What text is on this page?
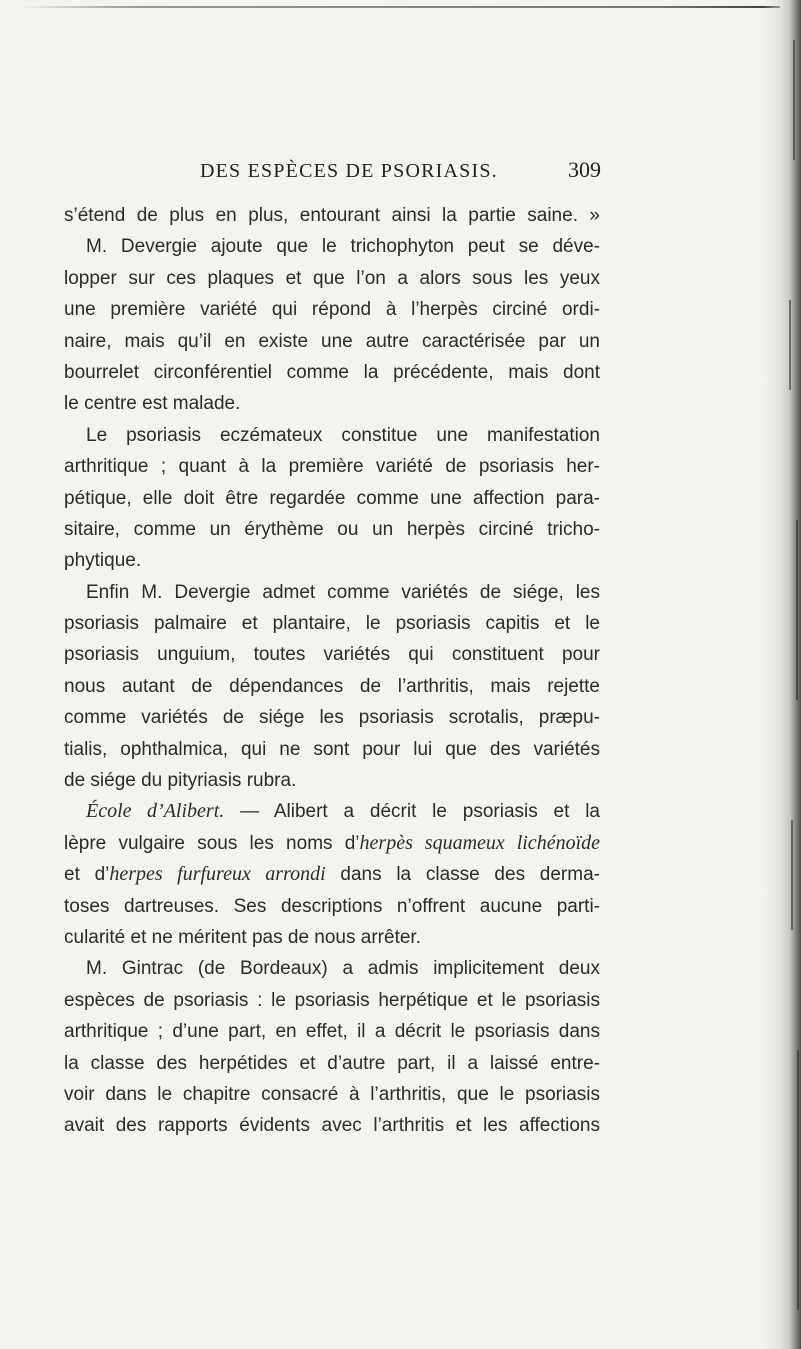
DES ESPÈCES DE PSORIASIS.	309
s’étend de plus en plus, entourant ainsi la partie saine. »
M. Devergie ajoute que le trichophyton peut se déve-
lopper sur ces plaques et que l’on a alors sous les yeux
une première variété qui répond à l’herpès circiné ordi-
naire, mais qu’il en existe une autre caractérisée par un
bourrelet circonférentiel comme la précédente, mais dont
le centre est malade.
Le psoriasis eczémateux constitue une manifestation
arthritique ; quant à la première variété de psoriasis her-
pétique, elle doit être regardée comme une affection para-
sitaire, comme un érythème ou un herpès circiné tricho-
phytique.
Enfin M. Devergie admet comme variétés de siége, les
psoriasis palmaire et plantaire, le psoriasis capitis et le
psoriasis unguium, toutes variétés qui constituent pour
nous autant de dépendances de l’arthritis, mais rejette
comme variétés de siége les psoriasis scrotalis, præpu-
tialis, ophthalmica, qui ne sont pour lui que des variétés
de siége du pityriasis rubra.
École d’Alibert. — Alibert a décrit le psoriasis et la
lèpre vulgaire sous les noms d’herpès squameux lichénoïde
et d’herpes furfureux arrondi dans la classe des derma-
toses dartreuses. Ses descriptions n’offrent aucune parti-
cularité et ne méritent pas de nous arrêter.
M. Gintrac (de Bordeaux) a admis implicitement deux
espèces de psoriasis : le psoriasis herpétique et le psoriasis
arthritique ; d’une part, en effet, il a décrit le psoriasis dans
la classe des herpétides et d’autre part, il a laissé entre-
voir dans le chapitre consacré à l’arthritis, que le psoriasis
avait des rapports évidents avec l’arthritis et les affections
